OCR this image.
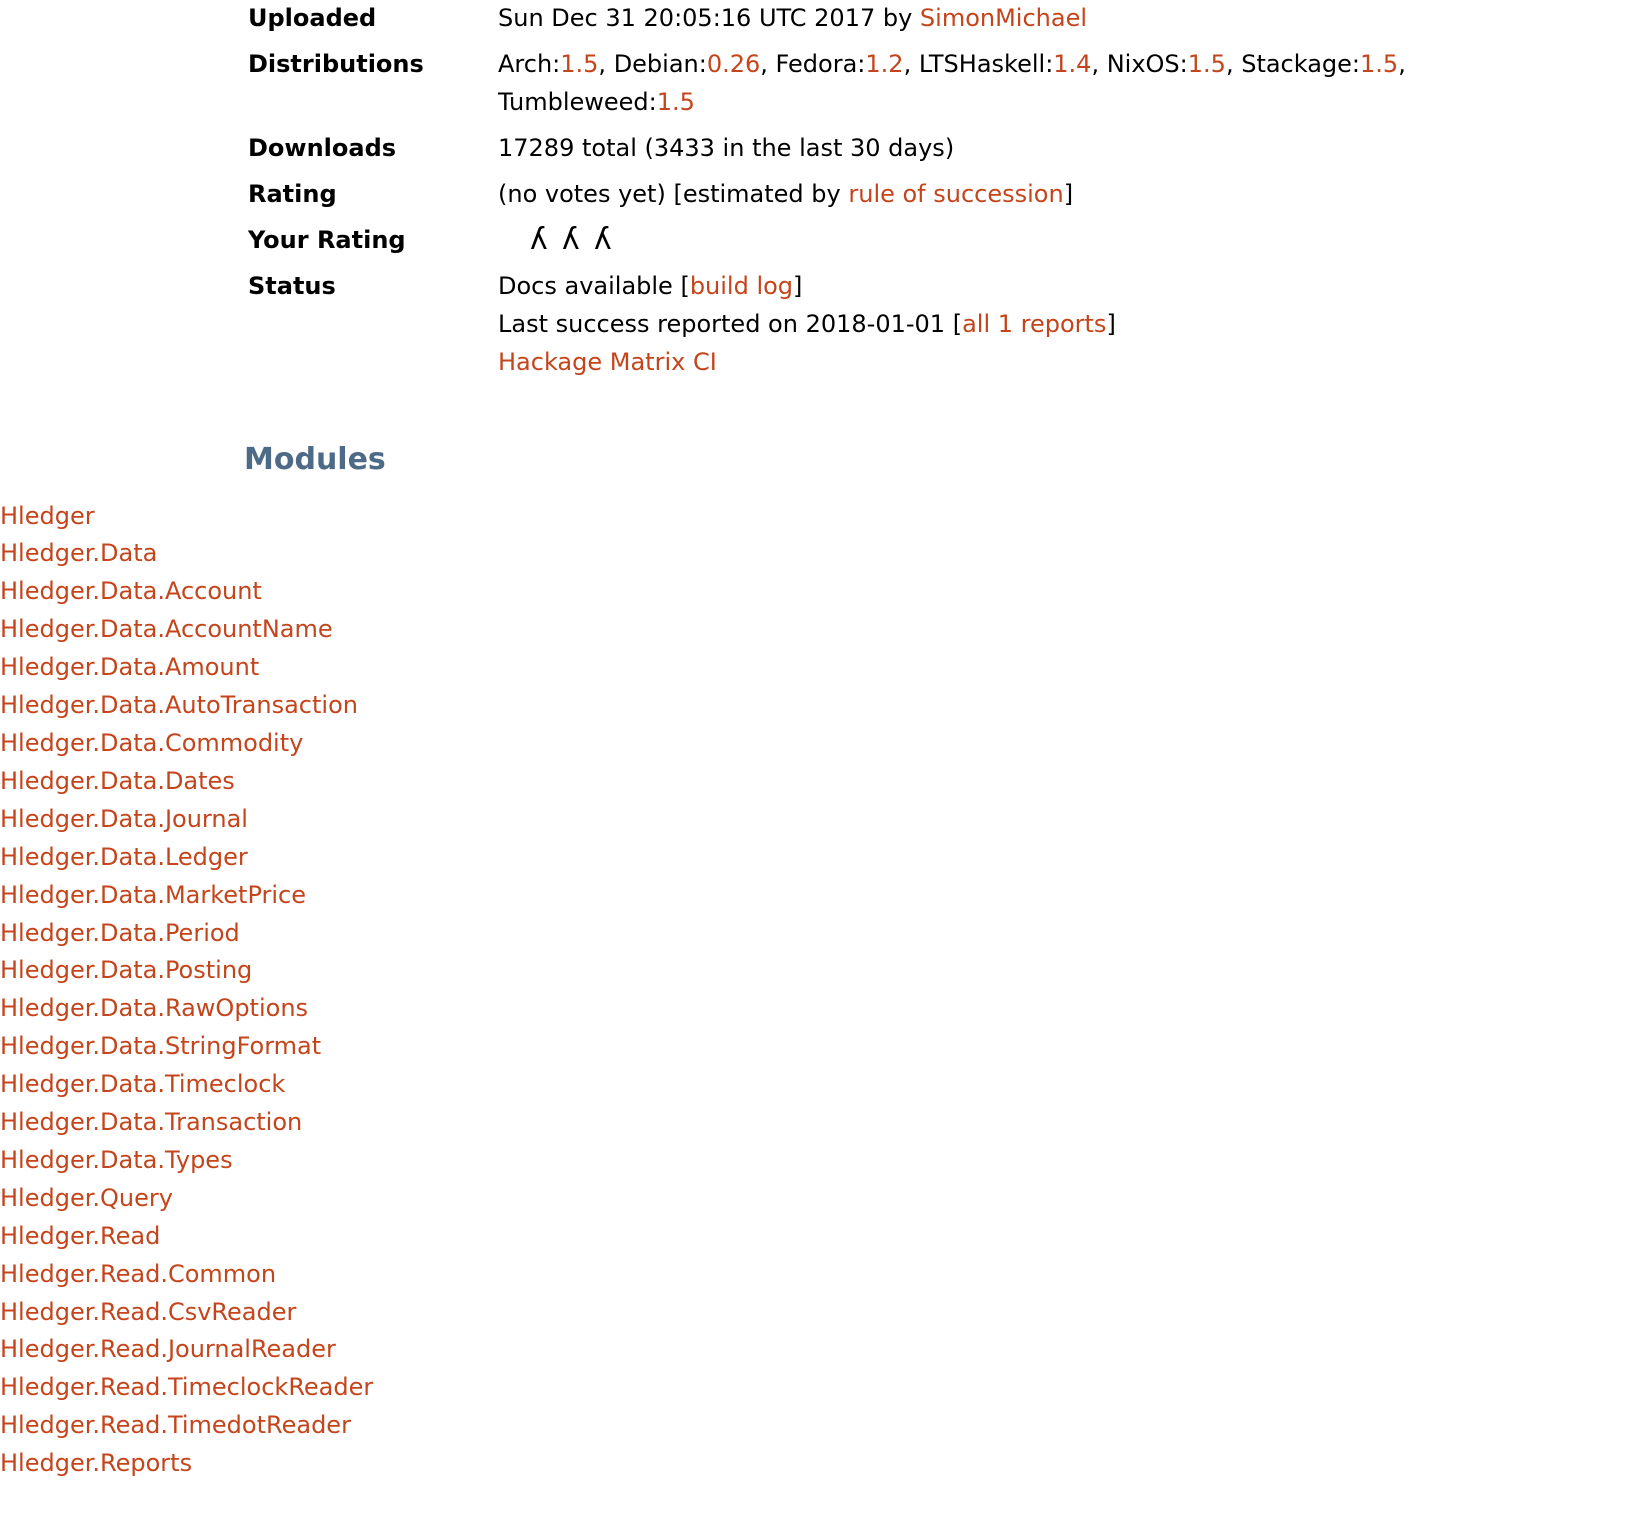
Uploaded	Sun Dec 31 20:05:16 UTC 2017 by SimonMichael
Distributions	Arch:1.5, Debian:0.26, Fedora:1.2, LTSHaskell:1.4, NixOS:1.5, Stackage:1.5, Tumbleweed:1.5
Downloads	17289 total (3433 in the last 30 days)
Rating	(no votes yet) [estimated by rule of succession]
Your Rating	λλλ
Status	Docs available [build log]
Last success reported on 2018-01-01 [all 1 reports]
Hackage Matrix CI
Modules
Hledger
Hledger.Data
Hledger.Data.Account
Hledger.Data.AccountName
Hledger.Data.Amount
Hledger.Data.AutoTransaction
Hledger.Data.Commodity
Hledger.Data.Dates
Hledger.Data.Journal
Hledger.Data.Ledger
Hledger.Data.MarketPrice
Hledger.Data.Period
Hledger.Data.Posting
Hledger.Data.RawOptions
Hledger.Data.StringFormat
Hledger.Data.Timeclock
Hledger.Data.Transaction
Hledger.Data.Types
Hledger.Query
Hledger.Read
Hledger.Read.Common
Hledger.Read.CsvReader
Hledger.Read.JournalReader
Hledger.Read.TimeclockReader
Hledger.Read.TimedotReader
Hledger.Reports
